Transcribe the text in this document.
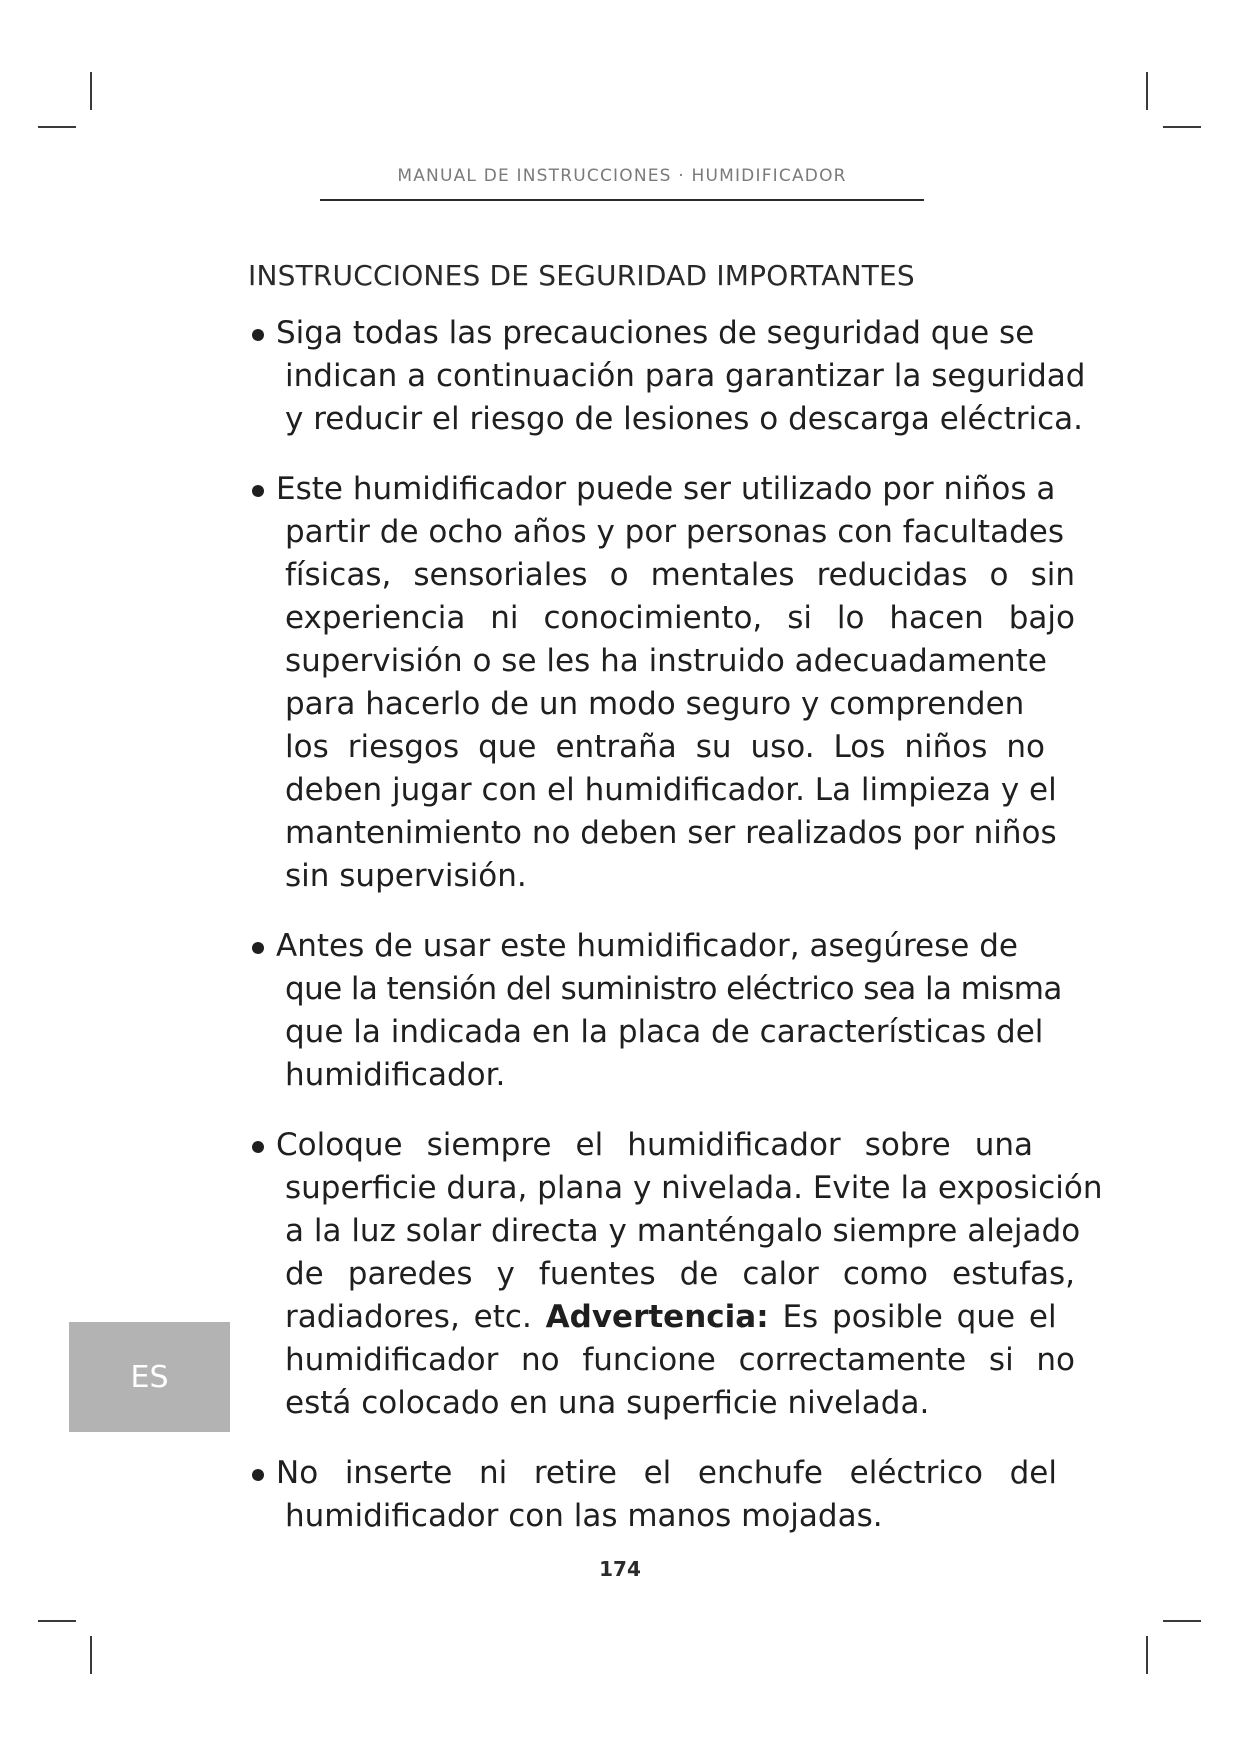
MANUAL DE INSTRUCCIONES · HUMIDIFICADOR
INSTRUCCIONES DE SEGURIDAD IMPORTANTES
Siga todas las precauciones de seguridad que se
indican a continuación para garantizar la seguridad
y reducir el riesgo de lesiones o descarga eléctrica.
Este humidificador puede ser utilizado por niños a
partir de ocho años y por personas con facultades
físicas, sensoriales o mentales reducidas o sin
experiencia ni conocimiento, si lo hacen bajo
supervisión o se les ha instruido adecuadamente
para hacerlo de un modo seguro y comprenden
los riesgos que entraña su uso. Los niños no
deben jugar con el humidificador. La limpieza y el
mantenimiento no deben ser realizados por niños
sin supervisión.
Antes de usar este humidificador, asegúrese de
que la tensión del suministro eléctrico sea la misma
que la indicada en la placa de características del
humidificador.
Coloque siempre el humidificador sobre una
superficie dura, plana y nivelada. Evite la exposición
a la luz solar directa y manténgalo siempre alejado
de paredes y fuentes de calor como estufas,
radiadores, etc. Advertencia: Es posible que el
humidificador no funcione correctamente si no
está colocado en una superficie nivelada.
No inserte ni retire el enchufe eléctrico del
humidificador con las manos mojadas.
ES
174
